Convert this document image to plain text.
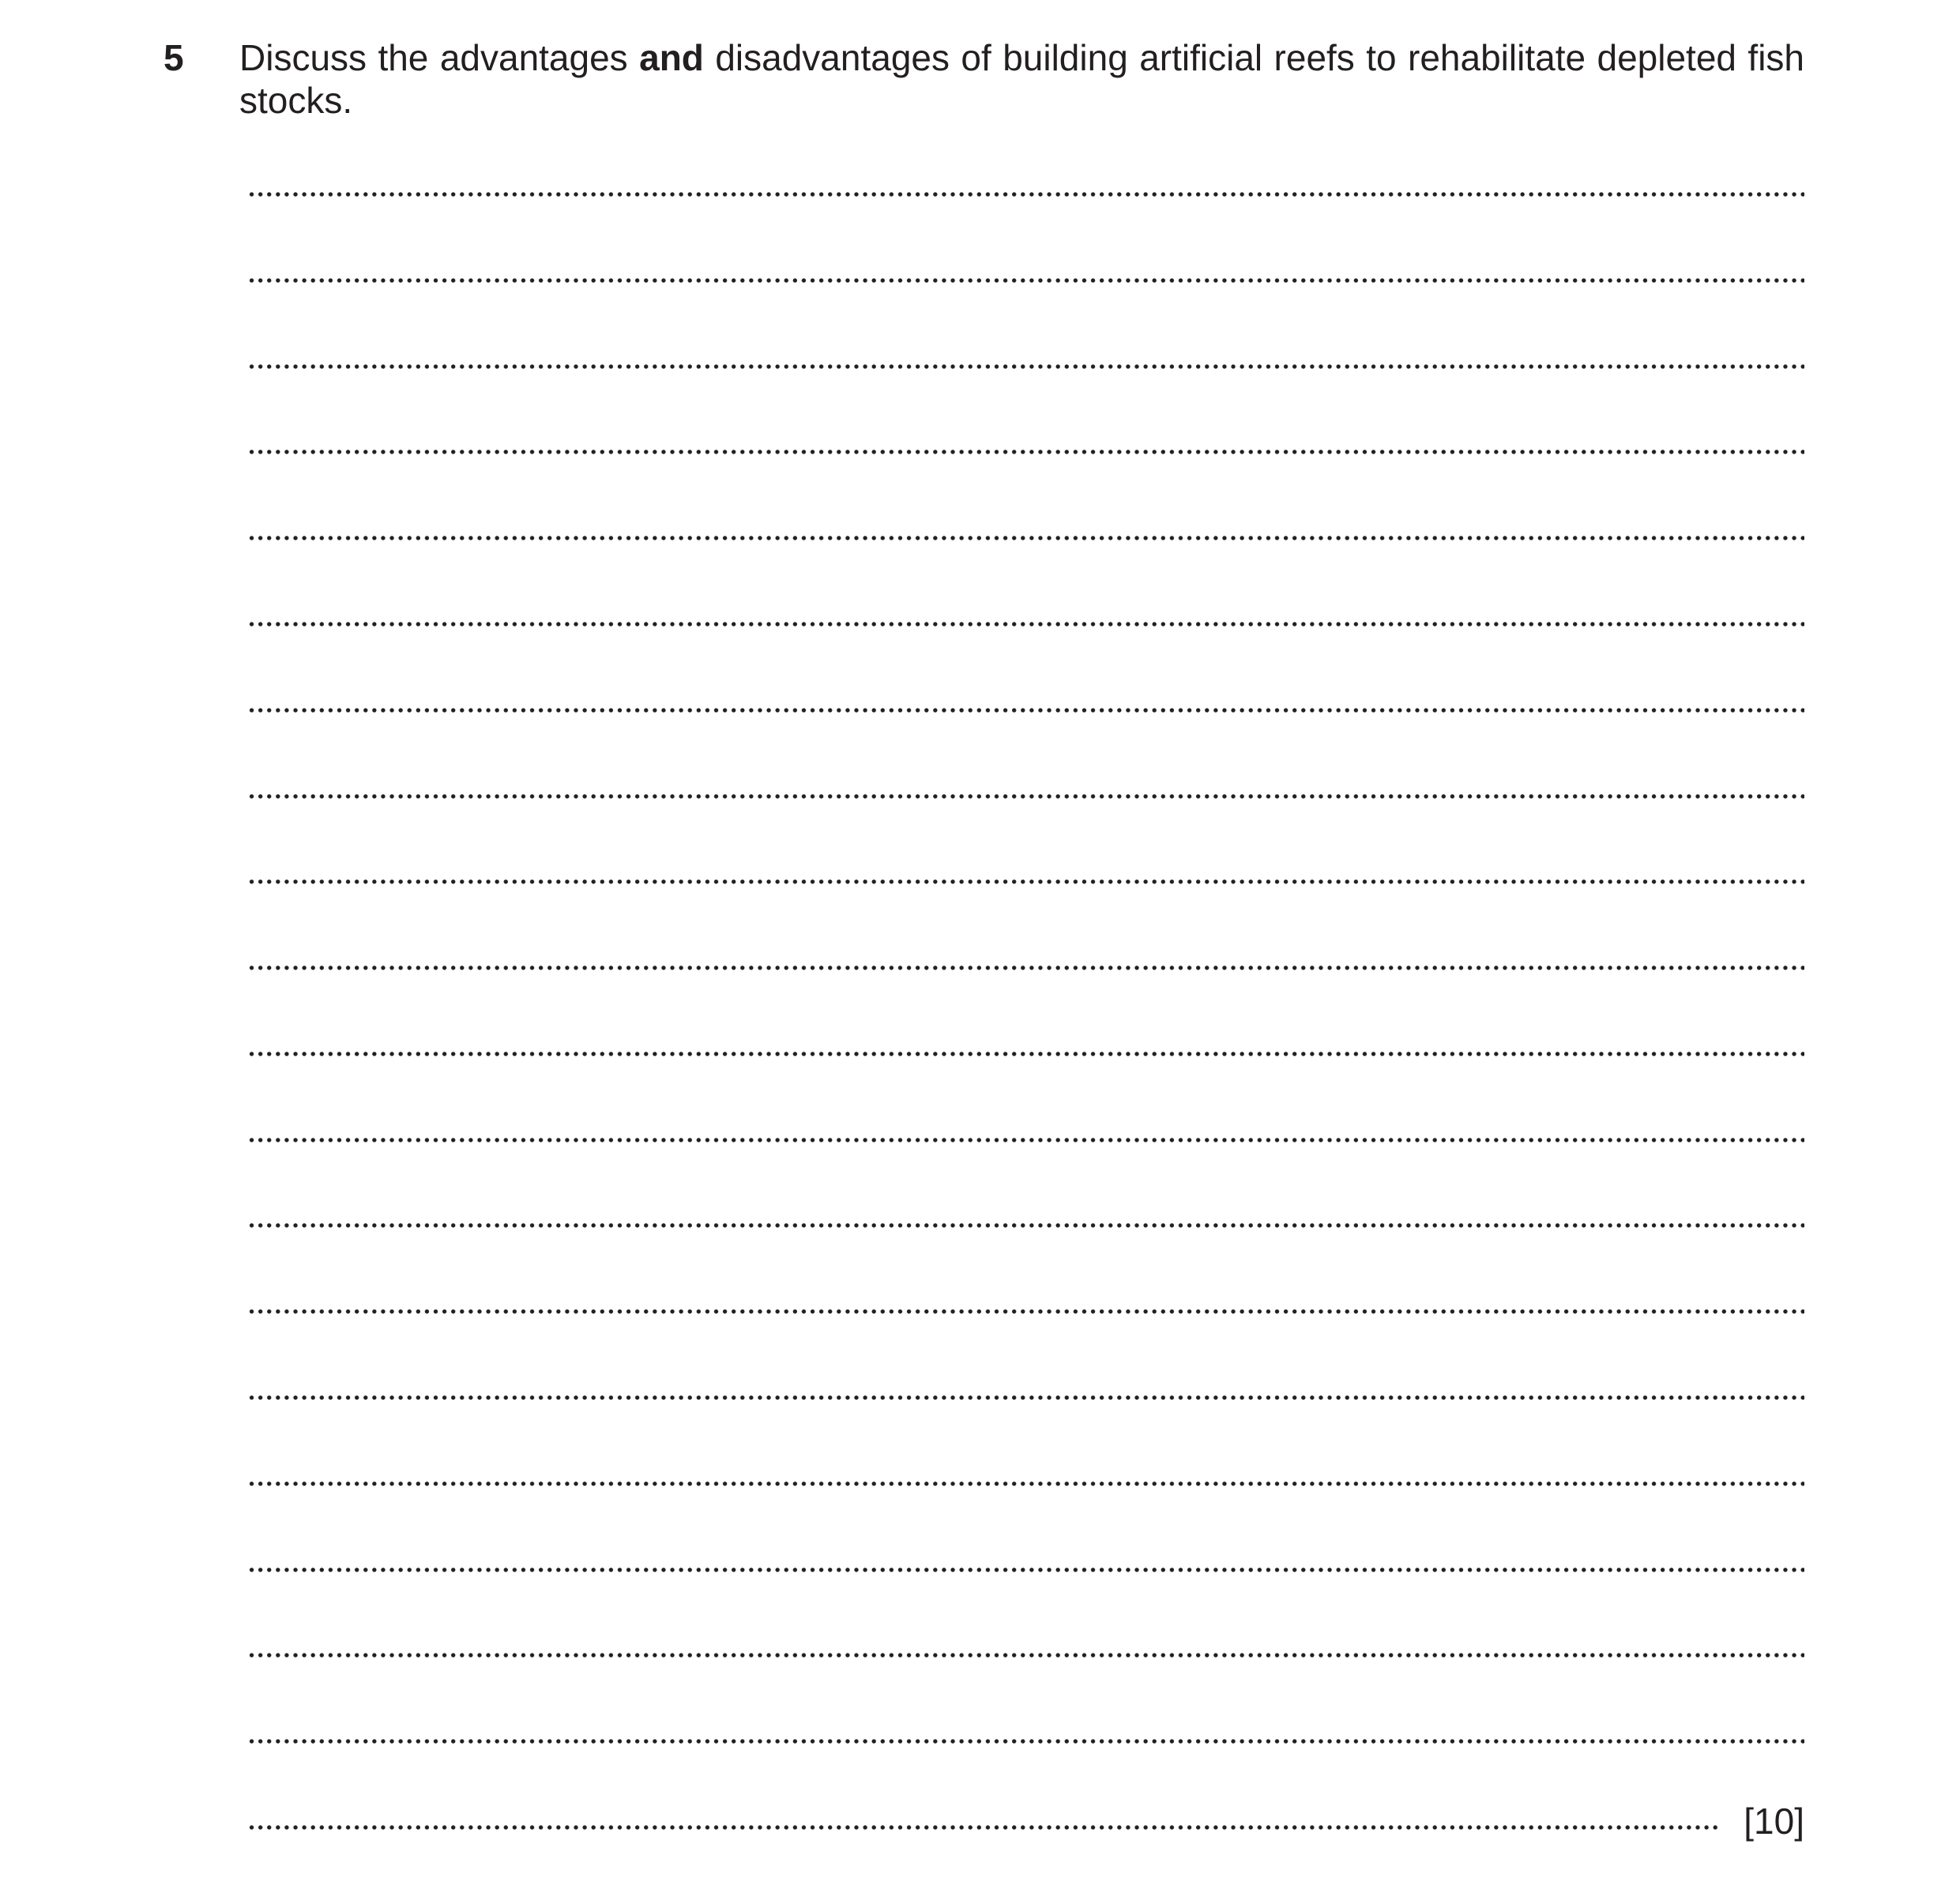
5 Discuss the advantages and disadvantages of building artificial reefs to rehabilitate depleted fish stocks.
[10]
